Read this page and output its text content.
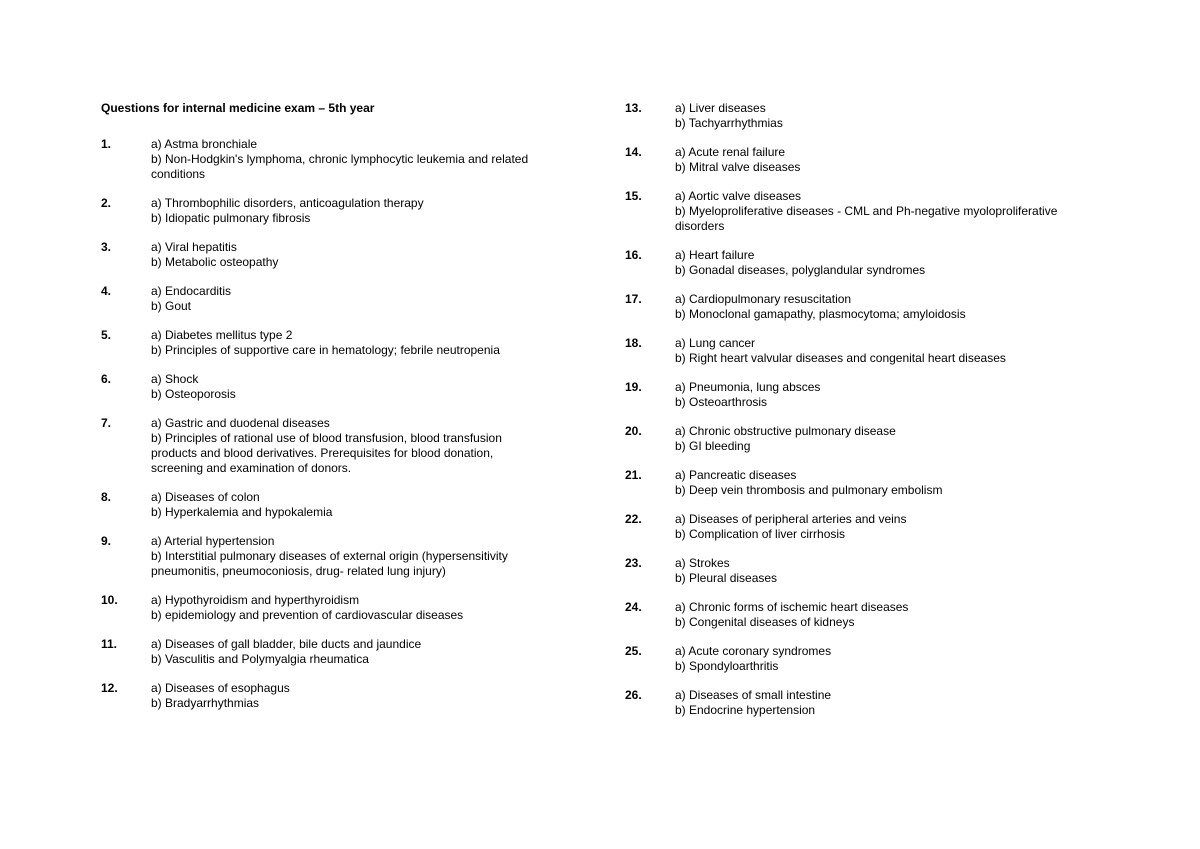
Questions for internal medicine exam – 5th year
1.	a) Astma bronchiale
b) Non-Hodgkin's lymphoma, chronic lymphocytic leukemia and related conditions
2.	a) Thrombophilic disorders, anticoagulation therapy
b) Idiopatic pulmonary fibrosis
3.	a) Viral hepatitis
b) Metabolic osteopathy
4.	a) Endocarditis
b) Gout
5.	a) Diabetes mellitus type 2
b) Principles of supportive care in hematology; febrile neutropenia
6.	a) Shock
b) Osteoporosis
7.	a) Gastric and duodenal diseases
b) Principles of rational use of blood transfusion, blood transfusion products and blood derivatives. Prerequisites for blood donation, screening and examination of donors.
8.	a) Diseases of colon
b) Hyperkalemia and hypokalemia
9.	a) Arterial hypertension
b) Interstitial pulmonary diseases of external origin (hypersensitivity pneumonitis, pneumoconiosis, drug- related lung injury)
10.	a) Hypothyroidism and hyperthyroidism
b) epidemiology and prevention of cardiovascular diseases
11.	a) Diseases of gall bladder, bile ducts and jaundice
b) Vasculitis and Polymyalgia rheumatica
12.	a) Diseases of esophagus
b) Bradyarrhythmias
13.	a) Liver diseases
b) Tachyarrhythmias
14.	a) Acute renal failure
b) Mitral valve diseases
15.	a) Aortic valve diseases
b) Myeloproliferative diseases - CML and Ph-negative myoloproliferative disorders
16.	a) Heart failure
b) Gonadal diseases, polyglandular syndromes
17.	a) Cardiopulmonary resuscitation
b) Monoclonal gamapathy, plasmocytoma; amyloidosis
18.	a) Lung cancer
b) Right heart valvular diseases and congenital heart diseases
19.	a) Pneumonia, lung absces
b) Osteoarthrosis
20.	a) Chronic obstructive pulmonary disease
b) GI bleeding
21.	a) Pancreatic diseases
b) Deep vein thrombosis and pulmonary embolism
22.	a) Diseases of peripheral arteries and veins
b) Complication of liver cirrhosis
23.	a) Strokes
b) Pleural diseases
24.	a) Chronic forms of ischemic heart diseases
b) Congenital diseases of kidneys
25.	a) Acute coronary syndromes
b) Spondyloarthritis
26.	a) Diseases of small intestine
b) Endocrine hypertension
